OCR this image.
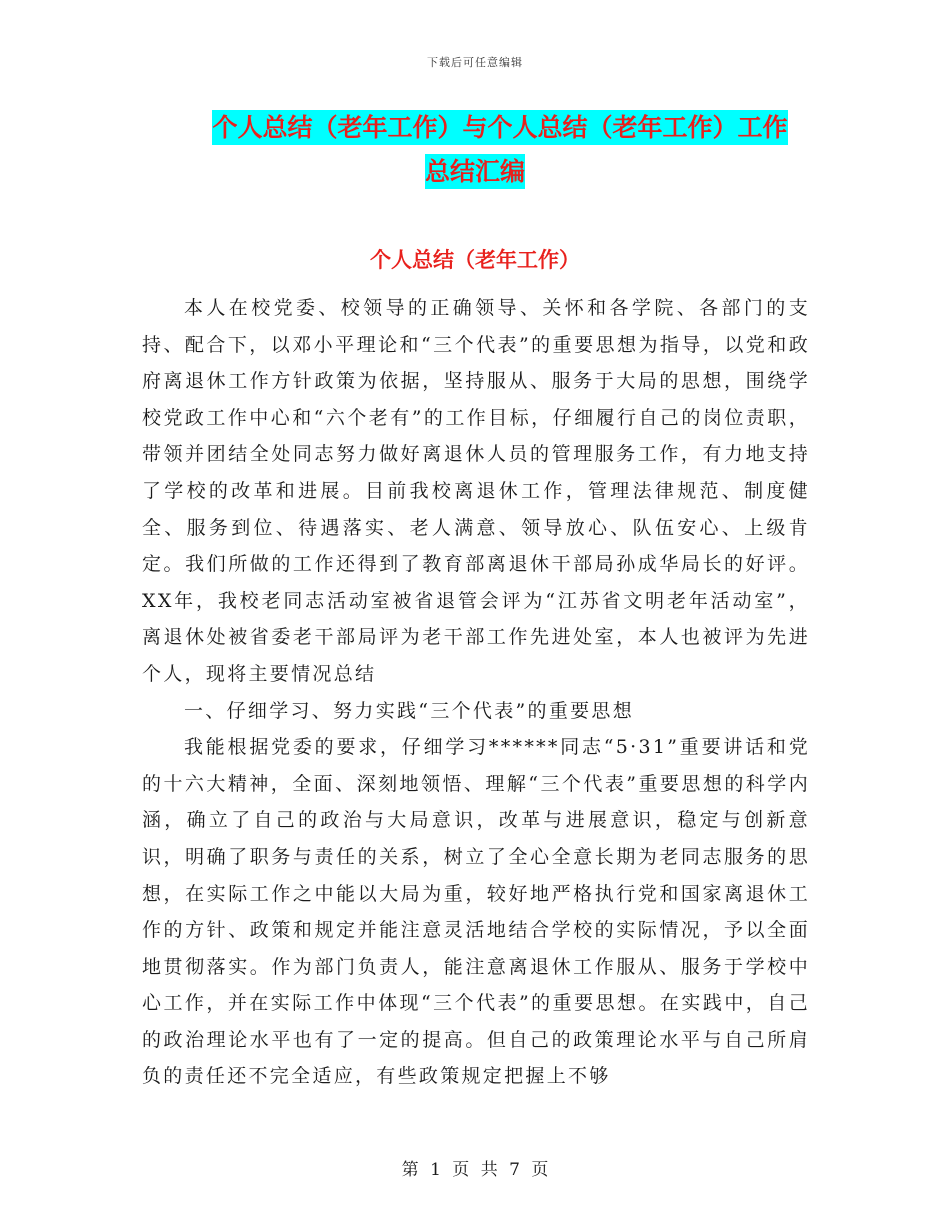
下载后可任意编辑
个人总结（老年工作）与个人总结（老年工作）工作
总结汇编
个人总结（老年工作）

本人在校党委、校领导的正确领导、关怀和各学院、各部门的支持、配合下，以邓小平理论和“三个代表”的重要思想为指导，以党和政府离退休工作方针政策为依据，坚持服从、服务于大局的思想，围绕学校党政工作中心和“六个老有”的工作目标，仔细履行自己的岗位责职，带领并团结全处同志努力做好离退休人员的管理服务工作，有力地支持了学校的改革和进展。目前我校离退休工作，管理法律规范、制度健全、服务到位、待遇落实、老人满意、领导放心、队伍安心、上级肯定。我们所做的工作还得到了教育部离退休干部局孙成华局长的好评。XX年，我校老同志活动室被省退管会评为“江苏省文明老年活动室”，离退休处被省委老干部局评为老干部工作先进处室，本人也被评为先进个人，现将主要情况总结

一、仔细学习、努力实践“三个代表”的重要思想

我能根据党委的要求，仔细学习******同志“5·31”重要讲话和党的十六大精神，全面、深刻地领悟、理解“三个代表”重要思想的科学内涵，确立了自己的政治与大局意识，改革与进展意识，稳定与创新意识，明确了职务与责任的关系，树立了全心全意长期为老同志服务的思想，在实际工作之中能以大局为重，较好地严格执行党和国家离退休工作的方针、政策和规定并能注意灵活地结合学校的实际情况，予以全面地贯彻落实。作为部门负责人，能注意离退休工作服从、服务于学校中心工作，并在实际工作中体现“三个代表”的重要思想。在实践中，自己的政治理论水平也有了一定的提高。但自己的政策理论水平与自己所肩负的责任还不完全适应，有些政策规定把握上不够

第 1 页 共 7 页
